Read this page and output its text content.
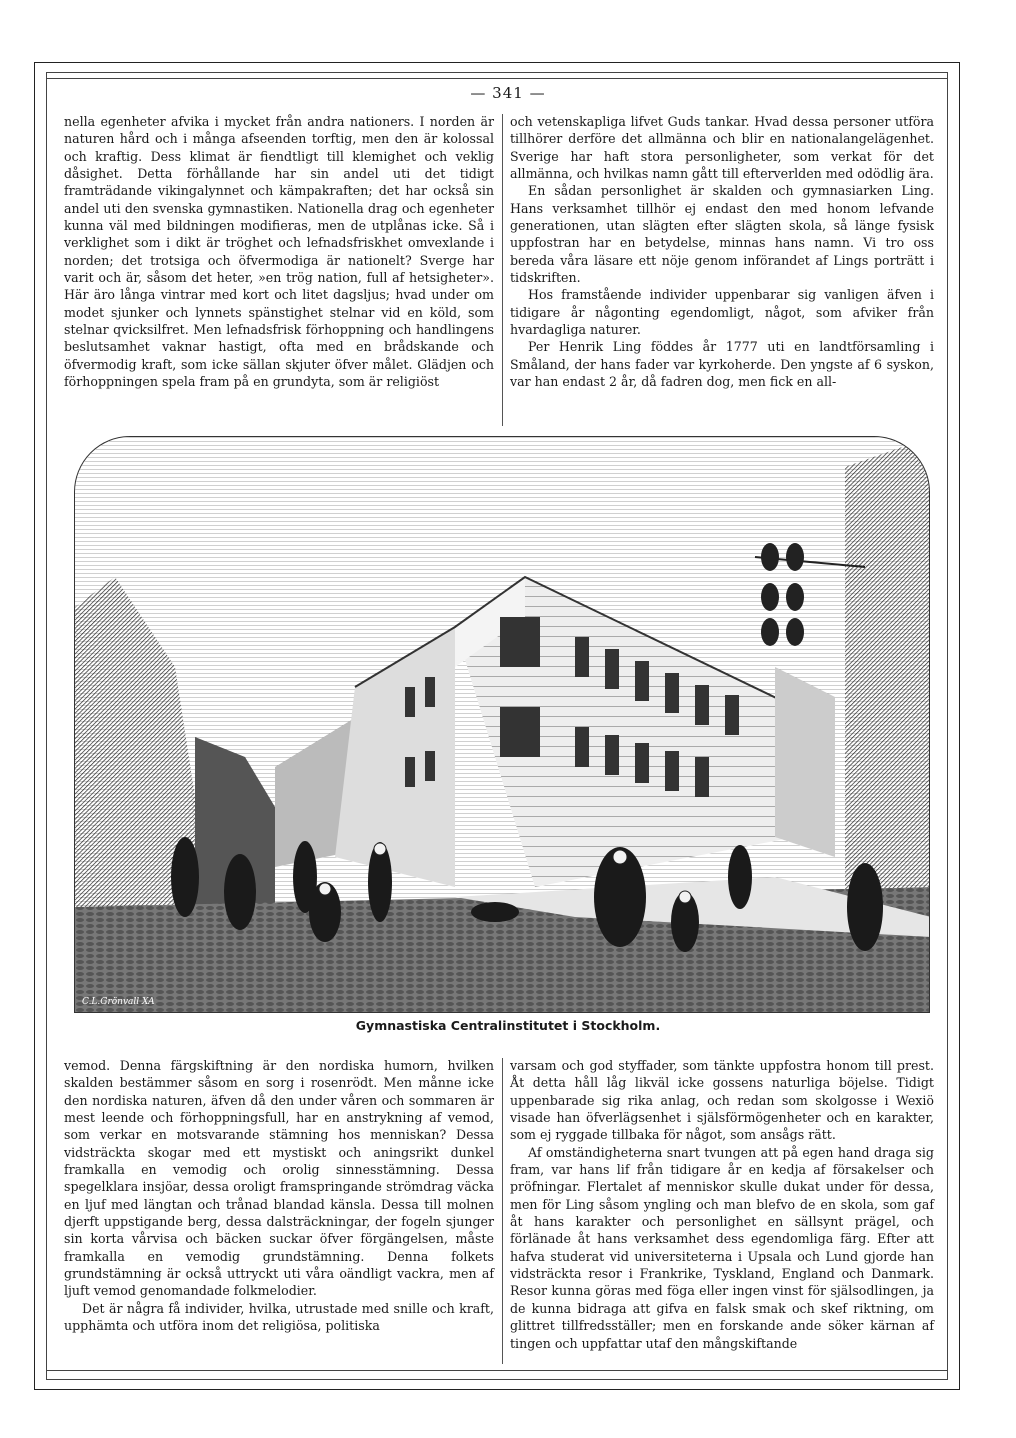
— 341 —

nella egenheter afvika i mycket från andra nationers. I norden är naturen hård och i många afseenden torftig, men den är kolossal och kraftig. Dess klimat är fiendtligt till klemighet och veklig dåsighet. Detta förhållande har sin andel uti det tidigt framträdande vikingalynnet och kämpakraften; det har också sin andel uti den svenska gymnastiken. Nationella drag och egenheter kunna väl med bildningen modifieras, men de utplånas icke. Så i verklighet som i dikt är tröghet och lefnadsfriskhet omvexlande i norden; det trotsiga och öfvermodiga är nationelt? Sverge har varit och är, såsom det heter, »en trög nation, full af hetsigheter». Här äro långa vintrar med kort och litet dagsljus; hvad under om modet sjunker och lynnets spänstighet stelnar vid en köld, som stelnar qvicksilfret. Men lefnadsfrisk förhoppning och handlingens beslutsamhet vaknar hastigt, ofta med en brådskande och öfvermodig kraft, som icke sällan skjuter öfver målet. Glädjen och förhoppningen spela fram på en grundyta, som är religiöst

och vetenskapliga lifvet Guds tankar. Hvad dessa personer utföra tillhörer derföre det allmänna och blir en nationalangelägenhet. Sverige har haft stora personligheter, som verkat för det allmänna, och hvilkas namn gått till efterverlden med odödlig ära.

En sådan personlighet är skalden och gymnasiarken Ling. Hans verksamhet tillhör ej endast den med honom lefvande generationen, utan slägten efter slägten skola, så länge fysisk uppfostran har en betydelse, minnas hans namn. Vi tro oss bereda våra läsare ett nöje genom införandet af Lings porträtt i tidskriften.

Hos framstående individer uppenbarar sig vanligen äfven i tidigare år någonting egendomligt, något, som afviker från hvardagliga naturer.

Per Henrik Ling föddes år 1777 uti en landtförsamling i Småland, der hans fader var kyrkoherde. Den yngste af 6 syskon, var han endast 2 år, då fadren dog, men fick en all-

C.L.Grönvall XA
Gymnastiska Centralinstitutet i Stockholm.

vemod. Denna färgskiftning är den nordiska humorn, hvilken skalden bestämmer såsom en sorg i rosenrödt. Men månne icke den nordiska naturen, äfven då den under våren och sommaren är mest leende och förhoppningsfull, har en anstrykning af vemod, som verkar en motsvarande stämning hos menniskan? Dessa vidsträckta skogar med ett mystiskt och aningsrikt dunkel framkalla en vemodig och orolig sinnesstämning. Dessa spegelklara insjöar, dessa oroligt framspringande strömdrag väcka en ljuf med längtan och trånad blandad känsla. Dessa till molnen djerft uppstigande berg, dessa dalsträckningar, der fogeln sjunger sin korta vårvisa och bäcken suckar öfver förgängelsen, måste framkalla en vemodig grundstämning. Denna folkets grundstämning är också uttryckt uti våra oändligt vackra, men af ljuft vemod genomandade folkmelodier.

Det är några få individer, hvilka, utrustade med snille och kraft, upphämta och utföra inom det religiösa, politiska

varsam och god styffader, som tänkte uppfostra honom till prest. Åt detta håll låg likväl icke gossens naturliga böjelse. Tidigt uppenbarade sig rika anlag, och redan som skolgosse i Wexiö visade han öfverlägsenhet i själsförmögenheter och en karakter, som ej ryggade tillbaka för något, som ansågs rätt.

Af omständigheterna snart tvungen att på egen hand draga sig fram, var hans lif från tidigare år en kedja af försakelser och pröfningar. Flertalet af menniskor skulle dukat under för dessa, men för Ling såsom yngling och man blefvo de en skola, som gaf åt hans karakter och personlighet en sällsynt prägel, och förlänade åt hans verksamhet dess egendomliga färg. Efter att hafva studerat vid universiteterna i Upsala och Lund gjorde han vidsträckta resor i Frankrike, Tyskland, England och Danmark. Resor kunna göras med föga eller ingen vinst för själsodlingen, ja de kunna bidraga att gifva en falsk smak och skef riktning, om glittret tillfredsställer; men en forskande ande söker kärnan af tingen och uppfattar utaf den mångskiftande
